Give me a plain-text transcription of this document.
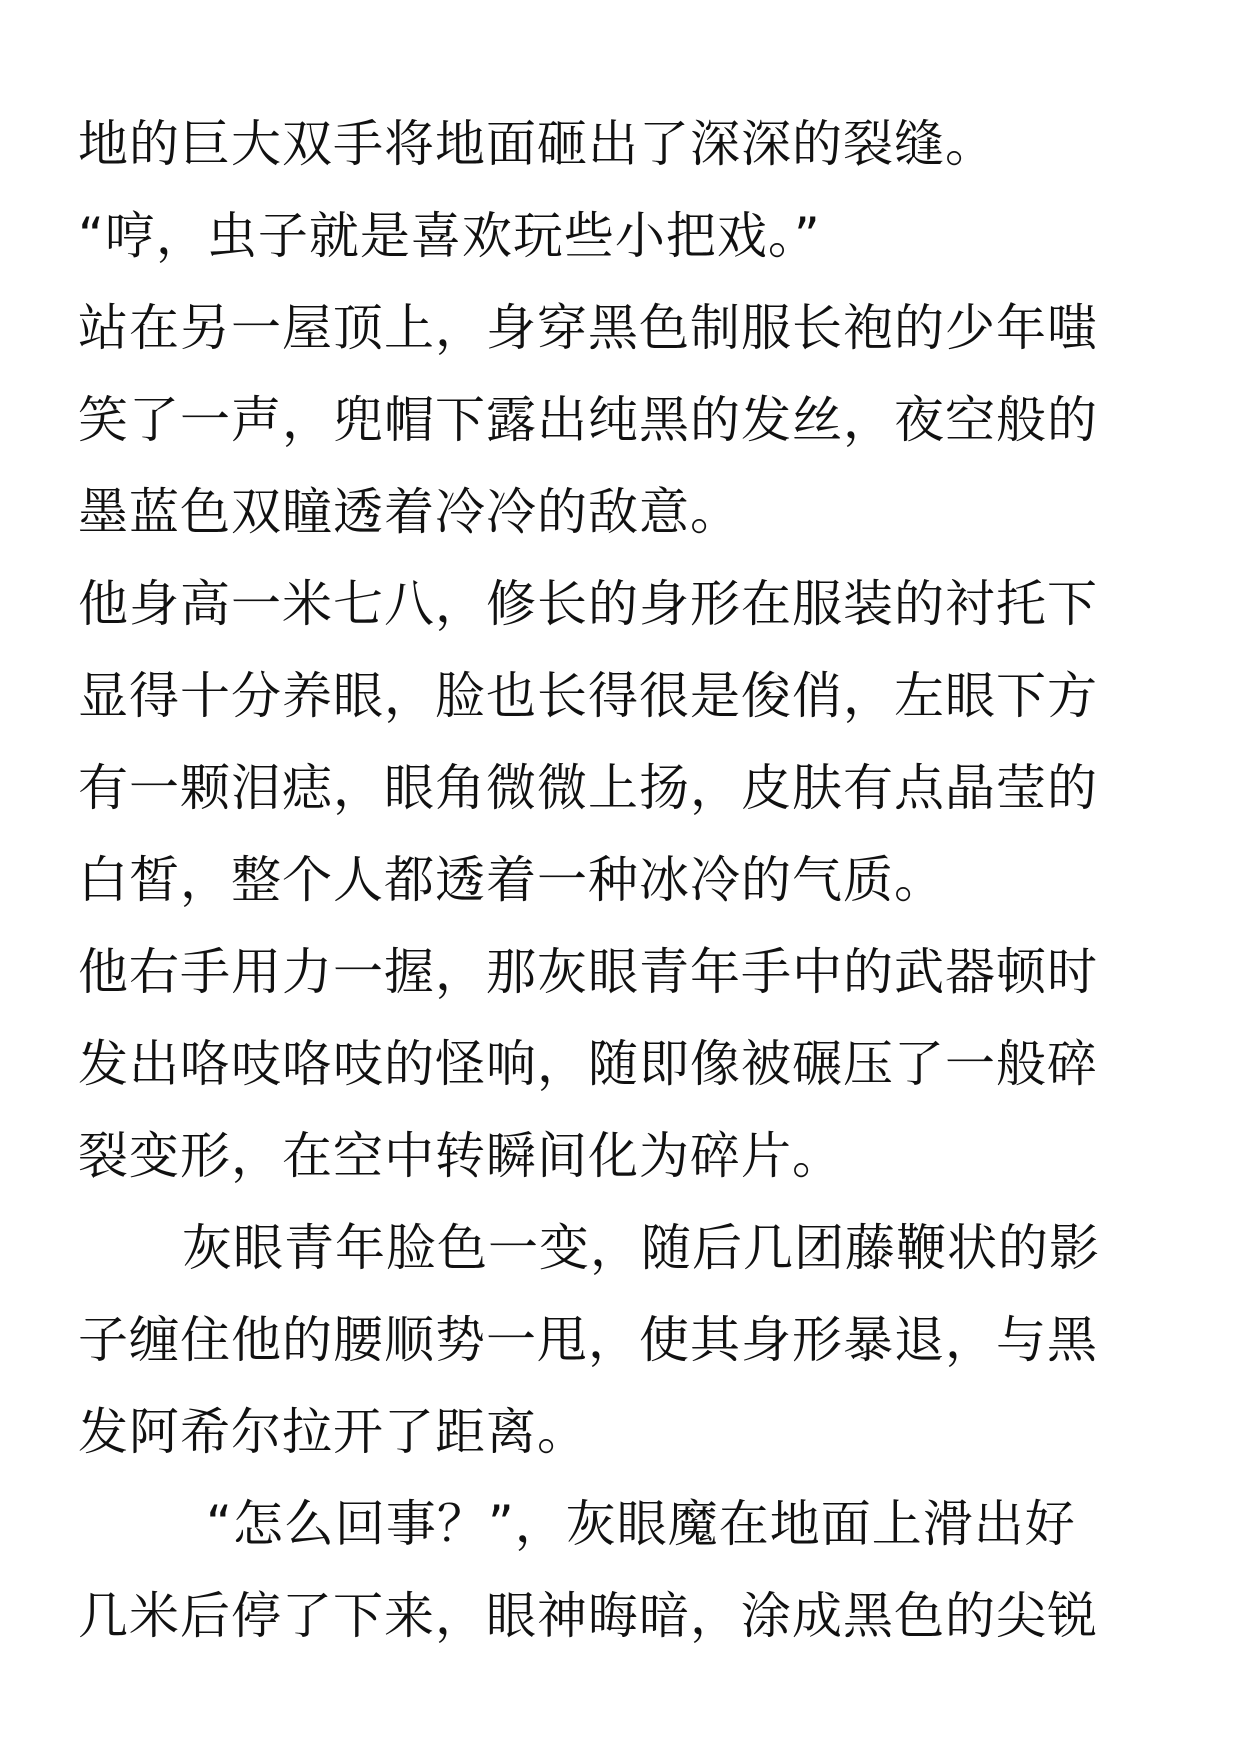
地的巨大双手将地面砸出了深深的裂缝。
“哼，虫子就是喜欢玩些小把戏。”
站在另一屋顶上，身穿黑色制服长袍的少年嗤
笑了一声，兜帽下露出纯黑的发丝，夜空般的
墨蓝色双瞳透着冷冷的敌意。
他身高一米七八，修长的身形在服装的衬托下
显得十分养眼，脸也长得很是俊俏，左眼下方
有一颗泪痣，眼角微微上扬，皮肤有点晶莹的
白皙，整个人都透着一种冰冷的气质。
他右手用力一握，那灰眼青年手中的武器顿时
发出咯吱咯吱的怪响，随即像被碾压了一般碎
裂变形，在空中转瞬间化为碎片。
灰眼青年脸色一变，随后几团藤鞭状的影
子缠住他的腰顺势一甩，使其身形暴退，与黑
发阿希尔拉开了距离。
“怎么回事？”，灰眼魔在地面上滑出好
几米后停了下来，眼神晦暗，涂成黑色的尖锐
